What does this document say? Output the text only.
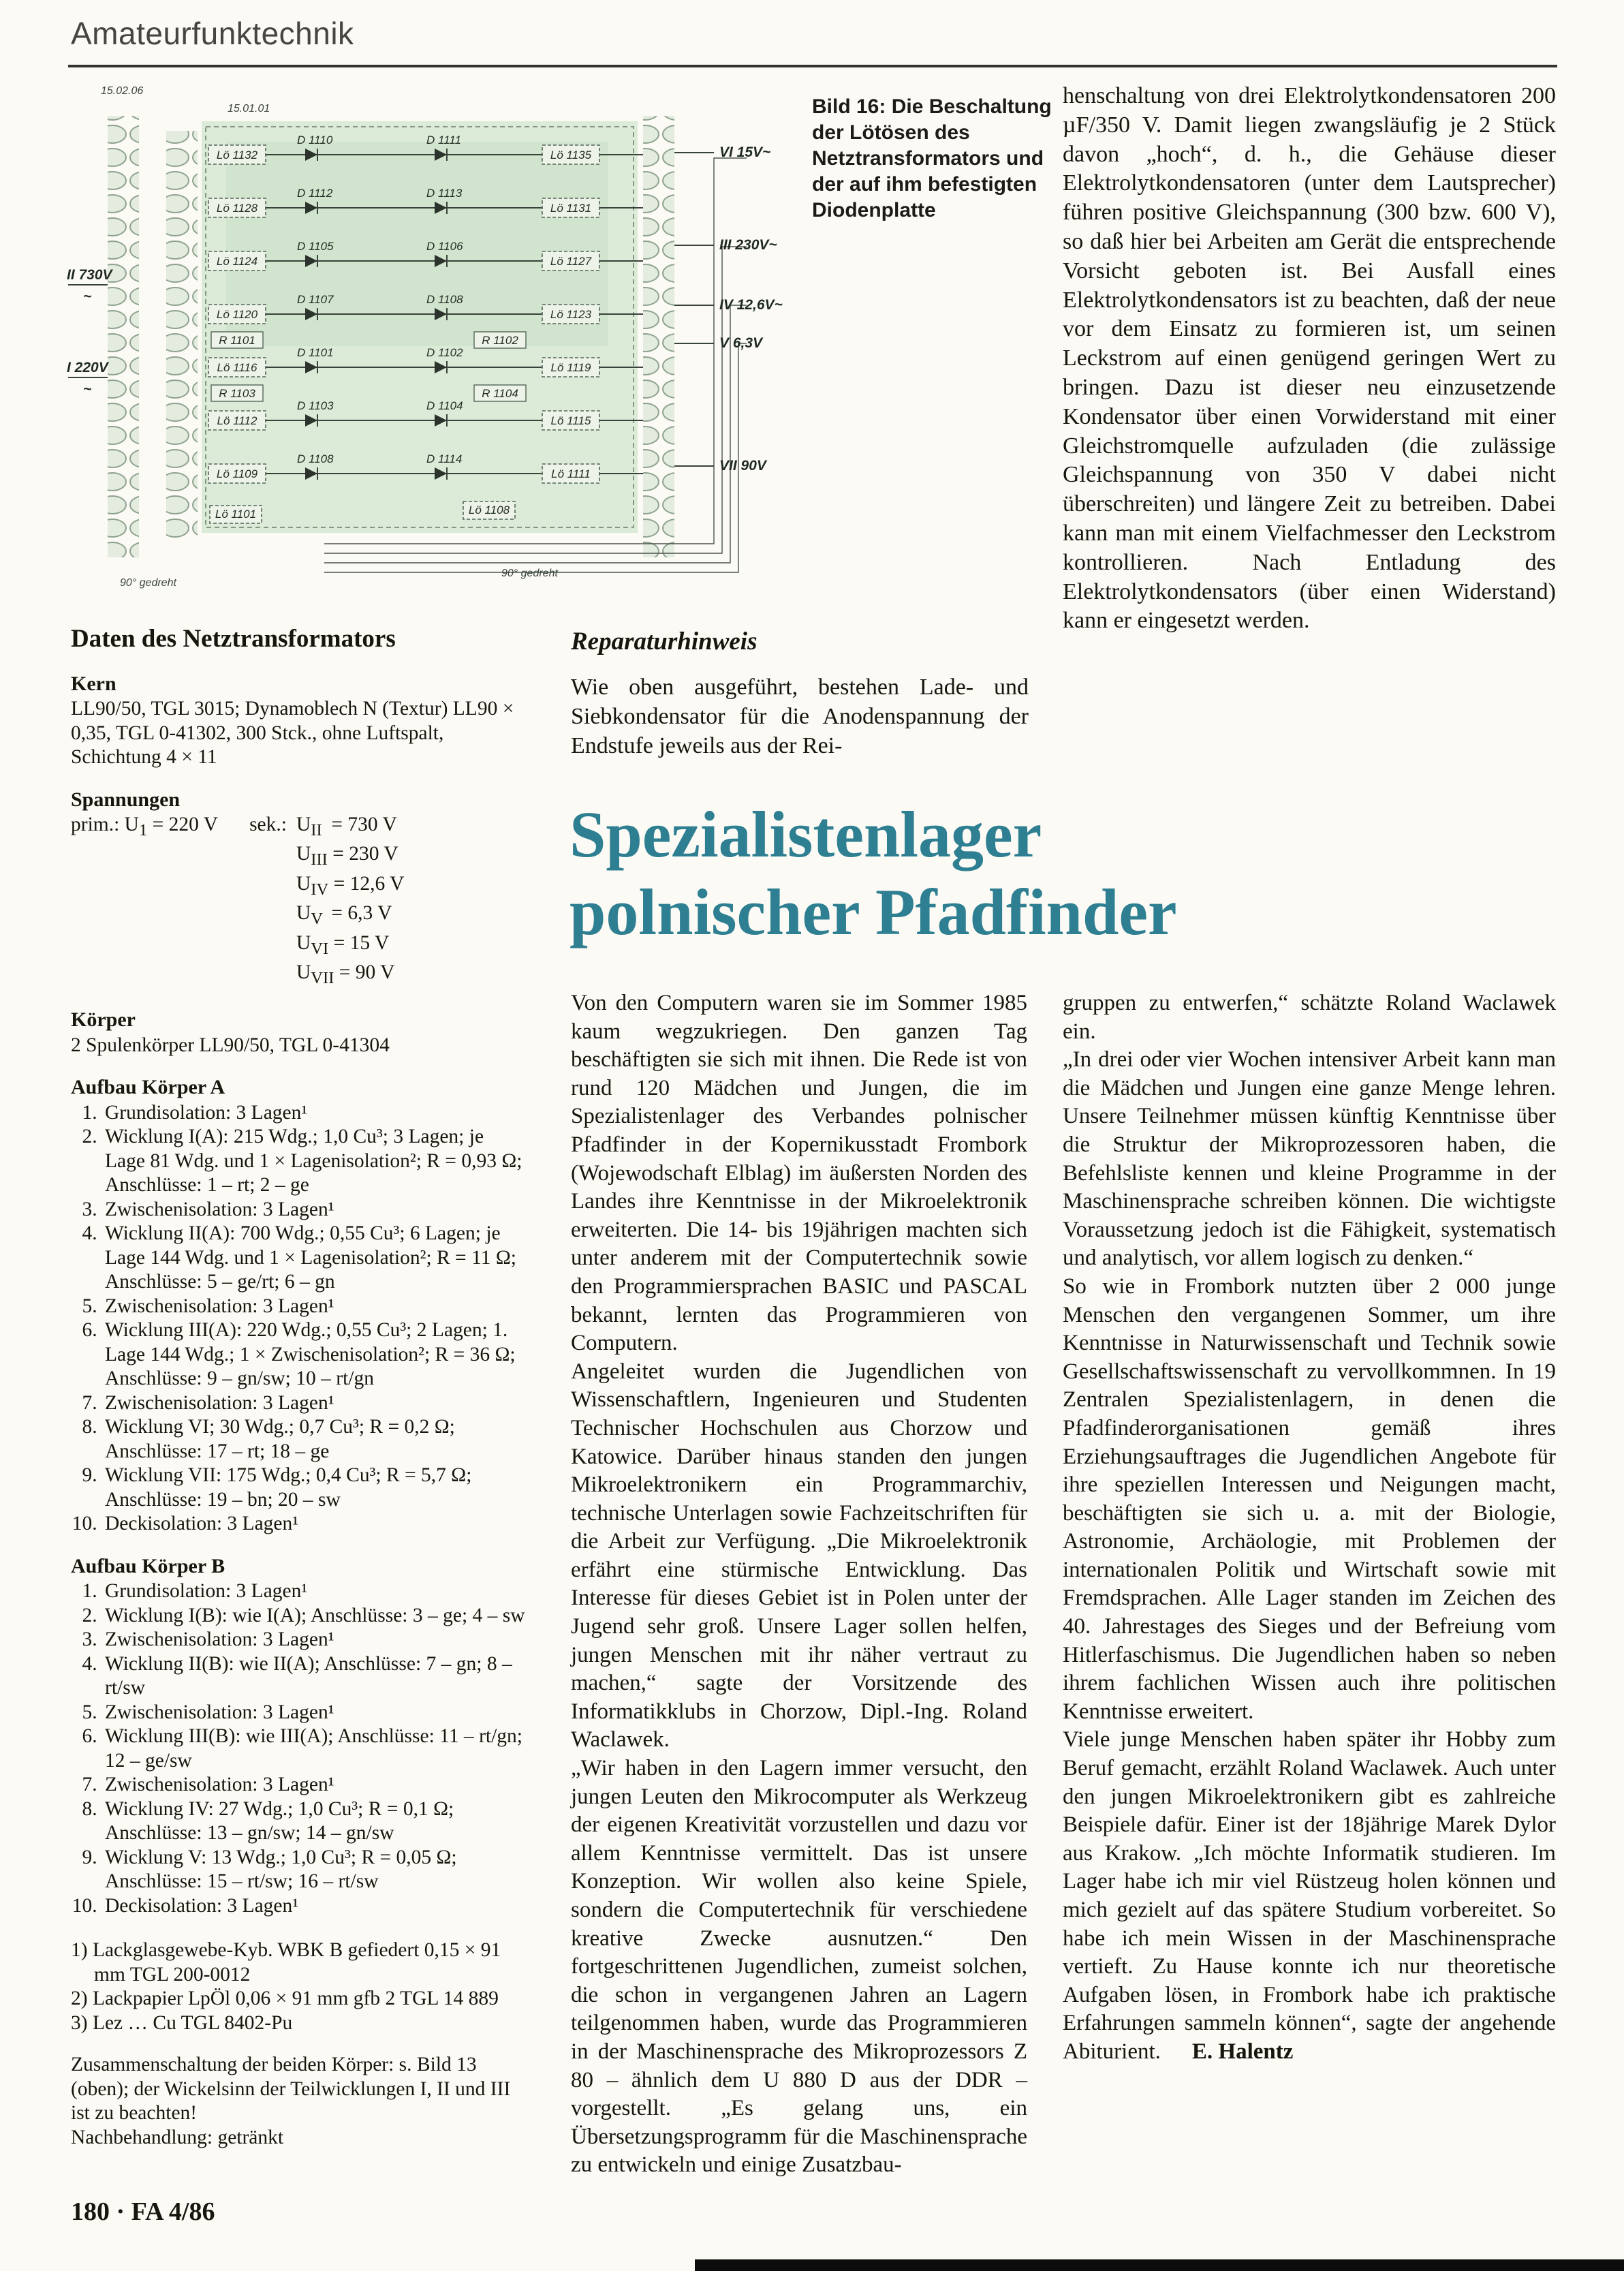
Amateurfunktechnik
15.02.06
15.01.01
Lö 1132
D 1110	D 1111
Lö 1135
Lö 1128
D 1112	D 1113
Lö 1131
Lö 1124
D 1105	D 1106
Lö 1127
Lö 1120
D 1107	D 1108
Lö 1123
R 1101	R 1102
Lö 1116
D 1101	D 1102
Lö 1119
R 1103	R 1104
Lö 1112
D 1103	D 1104
Lö 1115
Lö 1109
D 1108	D 1114
Lö 1111
Lö 1101	Lö 1108
VI 15V~
III 230V~
IV 12,6V~
V 6,3V
VII 90V
II 730V
~
I 220V
~
90° gedreht
90° gedreht
Bild 16: Die Beschaltung der Lötösen des Netztransformators und der auf ihm befestigten Diodenplatte

henschaltung von drei Elektrolytkondensatoren 200 µF/350 V. Damit liegen zwangsläufig je 2 Stück davon „hoch“, d. h., die Gehäuse dieser Elektrolytkondensatoren (unter dem Lautsprecher) führen positive Gleichspannung (300 bzw. 600 V), so daß hier bei Arbeiten am Gerät die entsprechende Vorsicht geboten ist. Bei Ausfall eines Elektrolytkondensators ist zu beachten, daß der neue vor dem Einsatz zu formieren ist, um seinen Leckstrom auf einen genügend geringen Wert zu bringen. Dazu ist dieser neu einzusetzende Kondensator über einen Vorwiderstand mit einer Gleichstromquelle aufzuladen (die zulässige Gleichspannung von 350 V dabei nicht überschreiten) und längere Zeit zu betreiben. Dabei kann man mit einem Vielfachmesser den Leckstrom kontrollieren. Nach Entladung des Elektrolytkondensators (über einen Widerstand) kann er eingesetzt werden.

Daten des Netztransformators
Kern

LL90/50, TGL 3015; Dynamoblech N (Textur) LL90 × 0,35, TGL 0-41302, 300 Stck., ohne Luftspalt, Schichtung 4 × 11

Spannungen
prim.: $U_1 = 220$ V sek.: $U_{II} = 730$ V
$U_{III} = 230$ V
$U_{IV} = 12,6$ V
$U_V = 6,3$ V
$U_{VI} = 15$ V
$U_{VII} = 90$ V
Körper

2 Spulenkörper LL90/50, TGL 0-41304

Aufbau Körper A
1. Grundisolation: 3 Lagen¹
2. Wicklung I(A): 215 Wdg.; 1,0 Cu³; 3 Lagen; je Lage 81 Wdg. und 1 × Lagenisolation²; R = 0,93 Ω; Anschlüsse: 1 – rt; 2 – ge
3. Zwischenisolation: 3 Lagen¹
4. Wicklung II(A): 700 Wdg.; 0,55 Cu³; 6 Lagen; je Lage 144 Wdg. und 1 × Lagenisolation²; R = 11 Ω; Anschlüsse: 5 – ge/rt; 6 – gn
5. Zwischenisolation: 3 Lagen¹
6. Wicklung III(A): 220 Wdg.; 0,55 Cu³; 2 Lagen; 1. Lage 144 Wdg.; 1 × Zwischenisolation²; R = 36 Ω; Anschlüsse: 9 – gn/sw; 10 – rt/gn
7. Zwischenisolation: 3 Lagen¹
8. Wicklung VI; 30 Wdg.; 0,7 Cu³; R = 0,2 Ω; Anschlüsse: 17 – rt; 18 – ge
9. Wicklung VII: 175 Wdg.; 0,4 Cu³; R = 5,7 Ω; Anschlüsse: 19 – bn; 20 – sw
10. Deckisolation: 3 Lagen¹
Aufbau Körper B
1. Grundisolation: 3 Lagen¹
2. Wicklung I(B): wie I(A); Anschlüsse: 3 – ge; 4 – sw
3. Zwischenisolation: 3 Lagen¹
4. Wicklung II(B): wie II(A); Anschlüsse: 7 – gn; 8 – rt/sw
5. Zwischenisolation: 3 Lagen¹
6. Wicklung III(B): wie III(A); Anschlüsse: 11 – rt/gn; 12 – ge/sw
7. Zwischenisolation: 3 Lagen¹
8. Wicklung IV: 27 Wdg.; 1,0 Cu³; R = 0,1 Ω; Anschlüsse: 13 – gn/sw; 14 – gn/sw
9. Wicklung V: 13 Wdg.; 1,0 Cu³; R = 0,05 Ω; Anschlüsse: 15 – rt/sw; 16 – rt/sw
10. Deckisolation: 3 Lagen¹

1) Lackglasgewebe-Kyb. WBK B gefiedert 0,15 × 91 mm TGL 200-0012

2) Lackpapier LpÖl 0,06 × 91 mm gfb 2 TGL 14 889

3) Lez … Cu TGL 8402-Pu

Zusammenschaltung der beiden Körper: s. Bild 13 (oben); der Wickelsinn der Teilwicklungen I, II und III ist zu beachten!

Nachbehandlung: getränkt

Reparaturhinweis

Wie oben ausgeführt, bestehen Lade- und Siebkondensator für die Anodenspannung der Endstufe jeweils aus der Rei-

Spezialistenlager
polnischer Pfadfinder

Von den Computern waren sie im Sommer 1985 kaum wegzukriegen. Den ganzen Tag beschäftigten sie sich mit ihnen. Die Rede ist von rund 120 Mädchen und Jungen, die im Spezialistenlager des Verbandes polnischer Pfadfinder in der Kopernikusstadt Frombork (Wojewodschaft Elblag) im äußersten Norden des Landes ihre Kenntnisse in der Mikroelektronik erweiterten. Die 14- bis 19jährigen machten sich unter anderem mit der Computertechnik sowie den Programmiersprachen BASIC und PASCAL bekannt, lernten das Programmieren von Computern.

Angeleitet wurden die Jugendlichen von Wissenschaftlern, Ingenieuren und Studenten Technischer Hochschulen aus Chorzow und Katowice. Darüber hinaus standen den jungen Mikroelektronikern ein Programmarchiv, technische Unterlagen sowie Fachzeitschriften für die Arbeit zur Verfügung. „Die Mikroelektronik erfährt eine stürmische Entwicklung. Das Interesse für dieses Gebiet ist in Polen unter der Jugend sehr groß. Unsere Lager sollen helfen, jungen Menschen mit ihr näher vertraut zu machen,“ sagte der Vorsitzende des Informatikklubs in Chorzow, Dipl.-Ing. Roland Waclawek.

„Wir haben in den Lagern immer versucht, den jungen Leuten den Mikrocomputer als Werkzeug der eigenen Kreativität vorzustellen und dazu vor allem Kenntnisse vermittelt. Das ist unsere Konzeption. Wir wollen also keine Spiele, sondern die Computertechnik für verschiedene kreative Zwecke ausnutzen.“ Den fortgeschrittenen Jugendlichen, zumeist solchen, die schon in vergangenen Jahren an Lagern teilgenommen haben, wurde das Programmieren in der Maschinensprache des Mikroprozessors Z 80 – ähnlich dem U 880 D aus der DDR – vorgestellt. „Es gelang uns, ein Übersetzungsprogramm für die Maschinensprache zu entwickeln und einige Zusatzbau-

gruppen zu entwerfen,“ schätzte Roland Waclawek ein.

„In drei oder vier Wochen intensiver Arbeit kann man die Mädchen und Jungen eine ganze Menge lehren. Unsere Teilnehmer müssen künftig Kenntnisse über die Struktur der Mikroprozessoren haben, die Befehlsliste kennen und kleine Programme in der Maschinensprache schreiben können. Die wichtigste Voraussetzung jedoch ist die Fähigkeit, systematisch und analytisch, vor allem logisch zu denken.“

So wie in Frombork nutzten über 2 000 junge Menschen den vergangenen Sommer, um ihre Kenntnisse in Naturwissenschaft und Technik sowie Gesellschaftswissenschaft zu vervollkommnen. In 19 Zentralen Spezialistenlagern, in denen die Pfadfinderorganisationen gemäß ihres Erziehungsauftrages die Jugendlichen Angebote für ihre speziellen Interessen und Neigungen macht, beschäftigten sie sich u. a. mit der Biologie, Astronomie, Archäologie, mit Problemen der internationalen Politik und Wirtschaft sowie mit Fremdsprachen. Alle Lager standen im Zeichen des 40. Jahrestages des Sieges und der Befreiung vom Hitlerfaschismus. Die Jugendlichen haben so neben ihrem fachlichen Wissen auch ihre politischen Kenntnisse erweitert.

Viele junge Menschen haben später ihr Hobby zum Beruf gemacht, erzählt Roland Waclawek. Auch unter den jungen Mikroelektronikern gibt es zahlreiche Beispiele dafür. Einer ist der 18jährige Marek Dylor aus Krakow. „Ich möchte Informatik studieren. Im Lager habe ich mir viel Rüstzeug holen können und mich gezielt auf das spätere Studium vorbereitet. So habe ich mein Wissen in der Maschinensprache vertieft. Zu Hause konnte ich nur theoretische Aufgaben lösen, in Frombork habe ich praktische Erfahrungen sammeln können“, sagte der angehende Abiturient. E. Halentz

180 · FA 4/86
